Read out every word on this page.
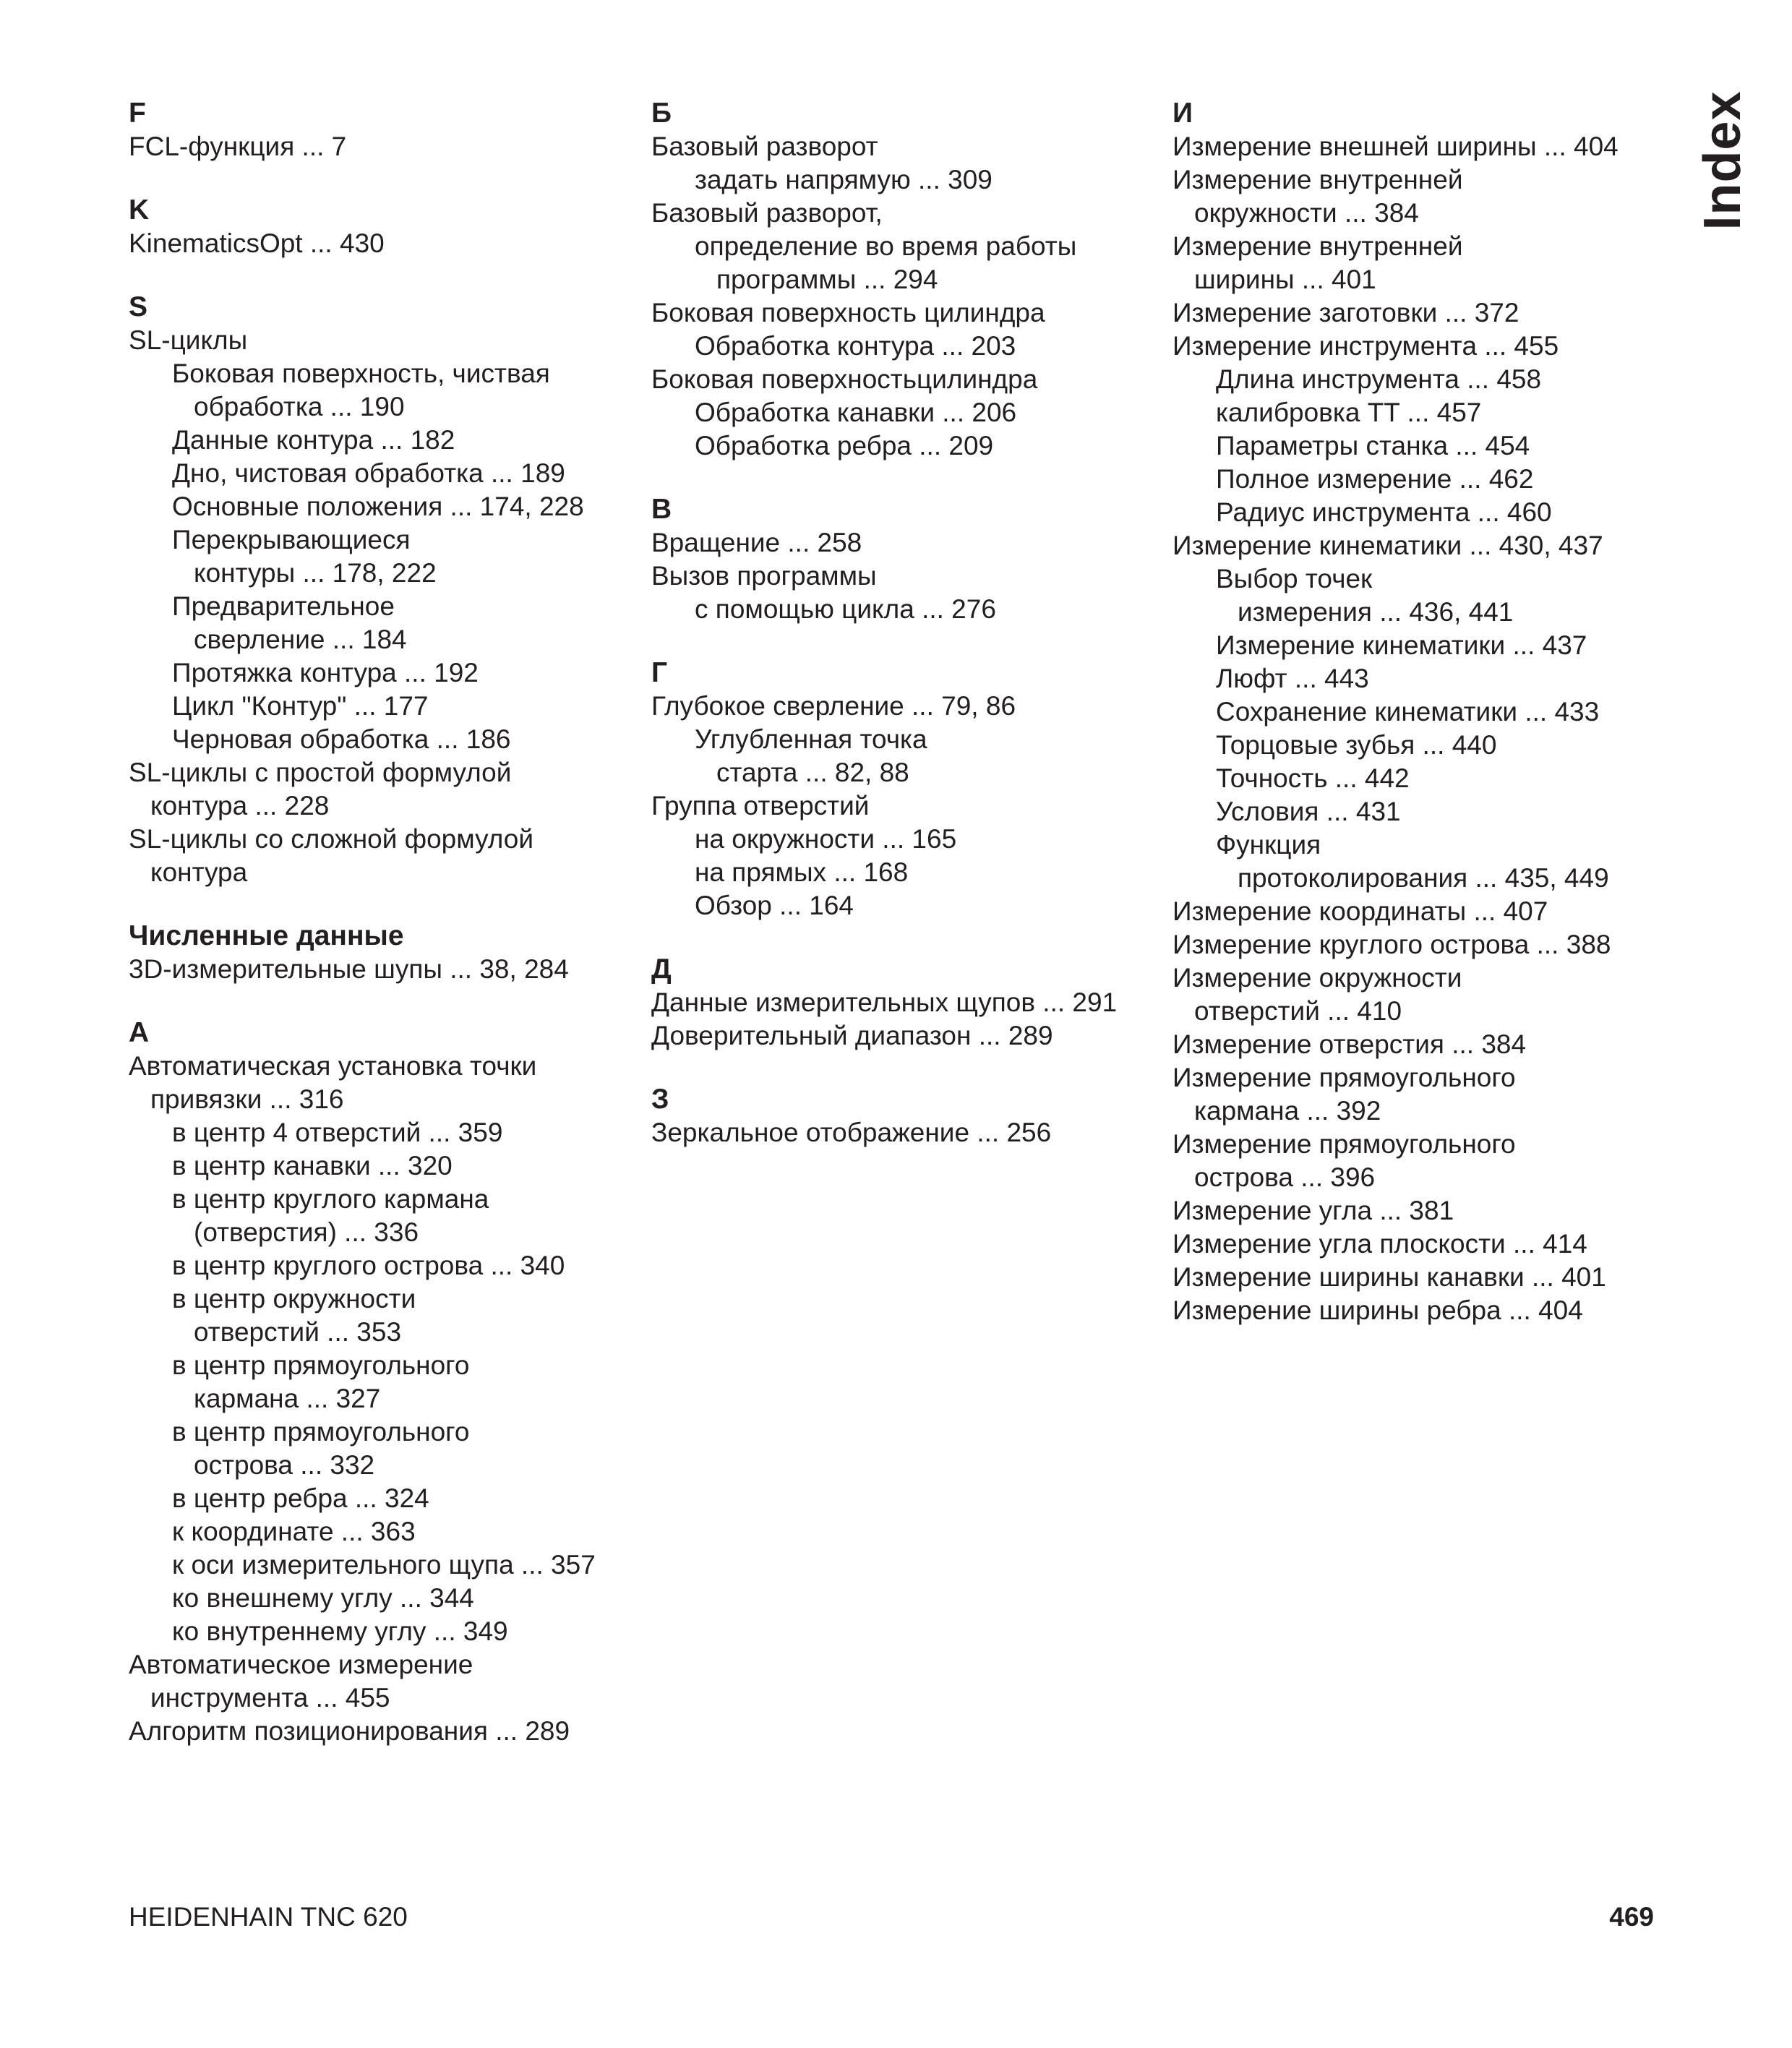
F
FCL-функция ... 7
K
KinematicsOpt ... 430
S
SL-циклы
Боковая поверхность, чиствая
обработка ... 190
Данные контура ... 182
Дно, чистовая обработка ... 189
Основные положения ... 174, 228
Перекрывающиеся
контуры ... 178, 222
Предварительное
сверление ... 184
Протяжка контура ... 192
Цикл "Контур" ... 177
Черновая обработка ... 186
SL-циклы с простой формулой
контура ... 228
SL-циклы со сложной формулой
контура
Численные данные
3D-измерительные шупы ... 38, 284
А
Автоматическая установка точки
привязки ... 316
в центр 4 отверстий ... 359
в центр канавки ... 320
в центр круглого кармана
(отверстия) ... 336
в центр круглого острова ... 340
в центр окружности
отверстий ... 353
в центр прямоугольного
кармана ... 327
в центр прямоугольного
острова ... 332
в центр ребра ... 324
к координате ... 363
к оси измерительного щупа ... 357
ко внешнему углу ... 344
ко внутреннему углу ... 349
Автоматическое измерение
инструмента ... 455
Алгоритм позиционирования ... 289
Б
Базовый разворот
задать напрямую ... 309
Базовый разворот,
определение во время работы
программы ... 294
Боковая поверхность цилиндра
Обработка контура ... 203
Боковая поверхностьцилиндра
Обработка канавки ... 206
Обработка ребра ... 209
В
Вращение ... 258
Вызов программы
с помощью цикла ... 276
Г
Глубокое сверление ... 79, 86
Углубленная точка
старта ... 82, 88
Группа отверстий
на окружности ... 165
на прямых ... 168
Обзор ... 164
Д
Данные измерительных щупов ... 291
Доверительный диапазон ... 289
З
Зеркальное отображение ... 256
И
Измерение внешней ширины ... 404
Измерение внутренней
окружности ... 384
Измерение внутренней
ширины ... 401
Измерение заготовки ... 372
Измерение инструмента ... 455
Длина инструмента ... 458
калибровка TT ... 457
Параметры станка ... 454
Полное измерение ... 462
Радиус инструмента ... 460
Измерение кинематики ... 430, 437
Выбор точек
измерения ... 436, 441
Измерение кинематики ... 437
Люфт ... 443
Сохранение кинематики ... 433
Торцовые зубья ... 440
Точность ... 442
Условия ... 431
Функция
протоколирования ... 435, 449
Измерение координаты ... 407
Измерение круглого острова ... 388
Измерение окружности
отверстий ... 410
Измерение отверстия ... 384
Измерение прямоугольного
кармана ... 392
Измерение прямоугольного
острова ... 396
Измерение угла ... 381
Измерение угла плоскости ... 414
Измерение ширины канавки ... 401
Измерение ширины ребра ... 404
Index
HEIDENHAIN TNC 620	469
